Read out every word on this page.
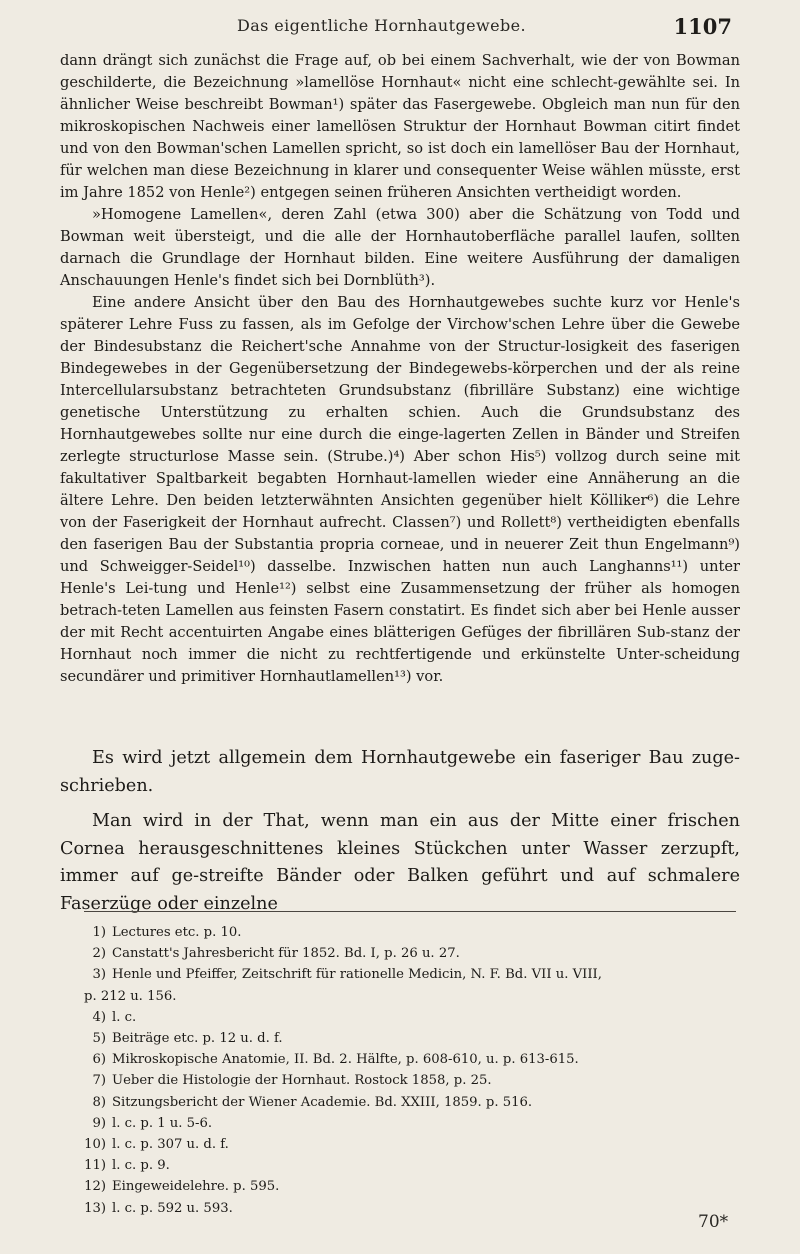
Das eigentliche Hornhautgewebe.	1107

dann drängt sich zunächst die Frage auf, ob bei einem Sachverhalt, wie der von Bowman geschilderte, die Bezeichnung »lamellöse Hornhaut« nicht eine schlecht-gewählte sei. In ähnlicher Weise beschreibt Bowman¹) später das Fasergewebe. Obgleich man nun für den mikroskopischen Nachweis einer lamellösen Struktur der Hornhaut Bowman citirt findet und von den Bowman'schen Lamellen spricht, so ist doch ein lamellöser Bau der Hornhaut, für welchen man diese Bezeichnung in klarer und consequenter Weise wählen müsste, erst im Jahre 1852 von Henle²) entgegen seinen früheren Ansichten vertheidigt worden.

»Homogene Lamellen«, deren Zahl (etwa 300) aber die Schätzung von Todd und Bowman weit übersteigt, und die alle der Hornhautoberfläche parallel laufen, sollten darnach die Grundlage der Hornhaut bilden. Eine weitere Ausführung der damaligen Anschauungen Henle's findet sich bei Dornblüth³).

Eine andere Ansicht über den Bau des Hornhautgewebes suchte kurz vor Henle's späterer Lehre Fuss zu fassen, als im Gefolge der Virchow'schen Lehre über die Gewebe der Bindesubstanz die Reichert'sche Annahme von der Structur-losigkeit des faserigen Bindegewebes in der Gegenübersetzung der Bindegewebs-körperchen und der als reine Intercellularsubstanz betrachteten Grundsubstanz (fibrilläre Substanz) eine wichtige genetische Unterstützung zu erhalten schien. Auch die Grundsubstanz des Hornhautgewebes sollte nur eine durch die einge-lagerten Zellen in Bänder und Streifen zerlegte structurlose Masse sein. (Strube.)⁴) Aber schon His⁵) vollzog durch seine mit fakultativer Spaltbarkeit begabten Hornhaut-lamellen wieder eine Annäherung an die ältere Lehre. Den beiden letzterwähnten Ansichten gegenüber hielt Kölliker⁶) die Lehre von der Faserigkeit der Hornhaut aufrecht. Classen⁷) und Rollett⁸) vertheidigten ebenfalls den faserigen Bau der Substantia propria corneae, und in neuerer Zeit thun Engelmann⁹) und Schweigger-Seidel¹⁰) dasselbe. Inzwischen hatten nun auch Langhanns¹¹) unter Henle's Lei-tung und Henle¹²) selbst eine Zusammensetzung der früher als homogen betrach-teten Lamellen aus feinsten Fasern constatirt. Es findet sich aber bei Henle ausser der mit Recht accentuirten Angabe eines blätterigen Gefüges der fibrillären Sub-stanz der Hornhaut noch immer die nicht zu rechtfertigende und erkünstelte Unter-scheidung secundärer und primitiver Hornhautlamellen¹³) vor.

Es wird jetzt allgemein dem Hornhautgewebe ein faseriger Bau zuge-schrieben.

Man wird in der That, wenn man ein aus der Mitte einer frischen Cornea herausgeschnittenes kleines Stückchen unter Wasser zerzupft, immer auf ge-streifte Bänder oder Balken geführt und auf schmalere Faserzüge oder einzelne

1) Lectures etc. p. 10.
2) Canstatt's Jahresbericht für 1852. Bd. I, p. 26 u. 27.
3) Henle und Pfeiffer, Zeitschrift für rationelle Medicin, N. F. Bd. VII u. VIII,
p. 212 u. 156.
4) l. c.
5) Beiträge etc. p. 12 u. d. f.
6) Mikroskopische Anatomie, II. Bd. 2. Hälfte, p. 608-610, u. p. 613-615.
7) Ueber die Histologie der Hornhaut. Rostock 1858, p. 25.
8) Sitzungsbericht der Wiener Academie. Bd. XXIII, 1859. p. 516.
9) l. c. p. 1 u. 5-6.
10) l. c. p. 307 u. d. f.
11) l. c. p. 9.
12) Eingeweidelehre. p. 595.
13) l. c. p. 592 u. 593.
70*
